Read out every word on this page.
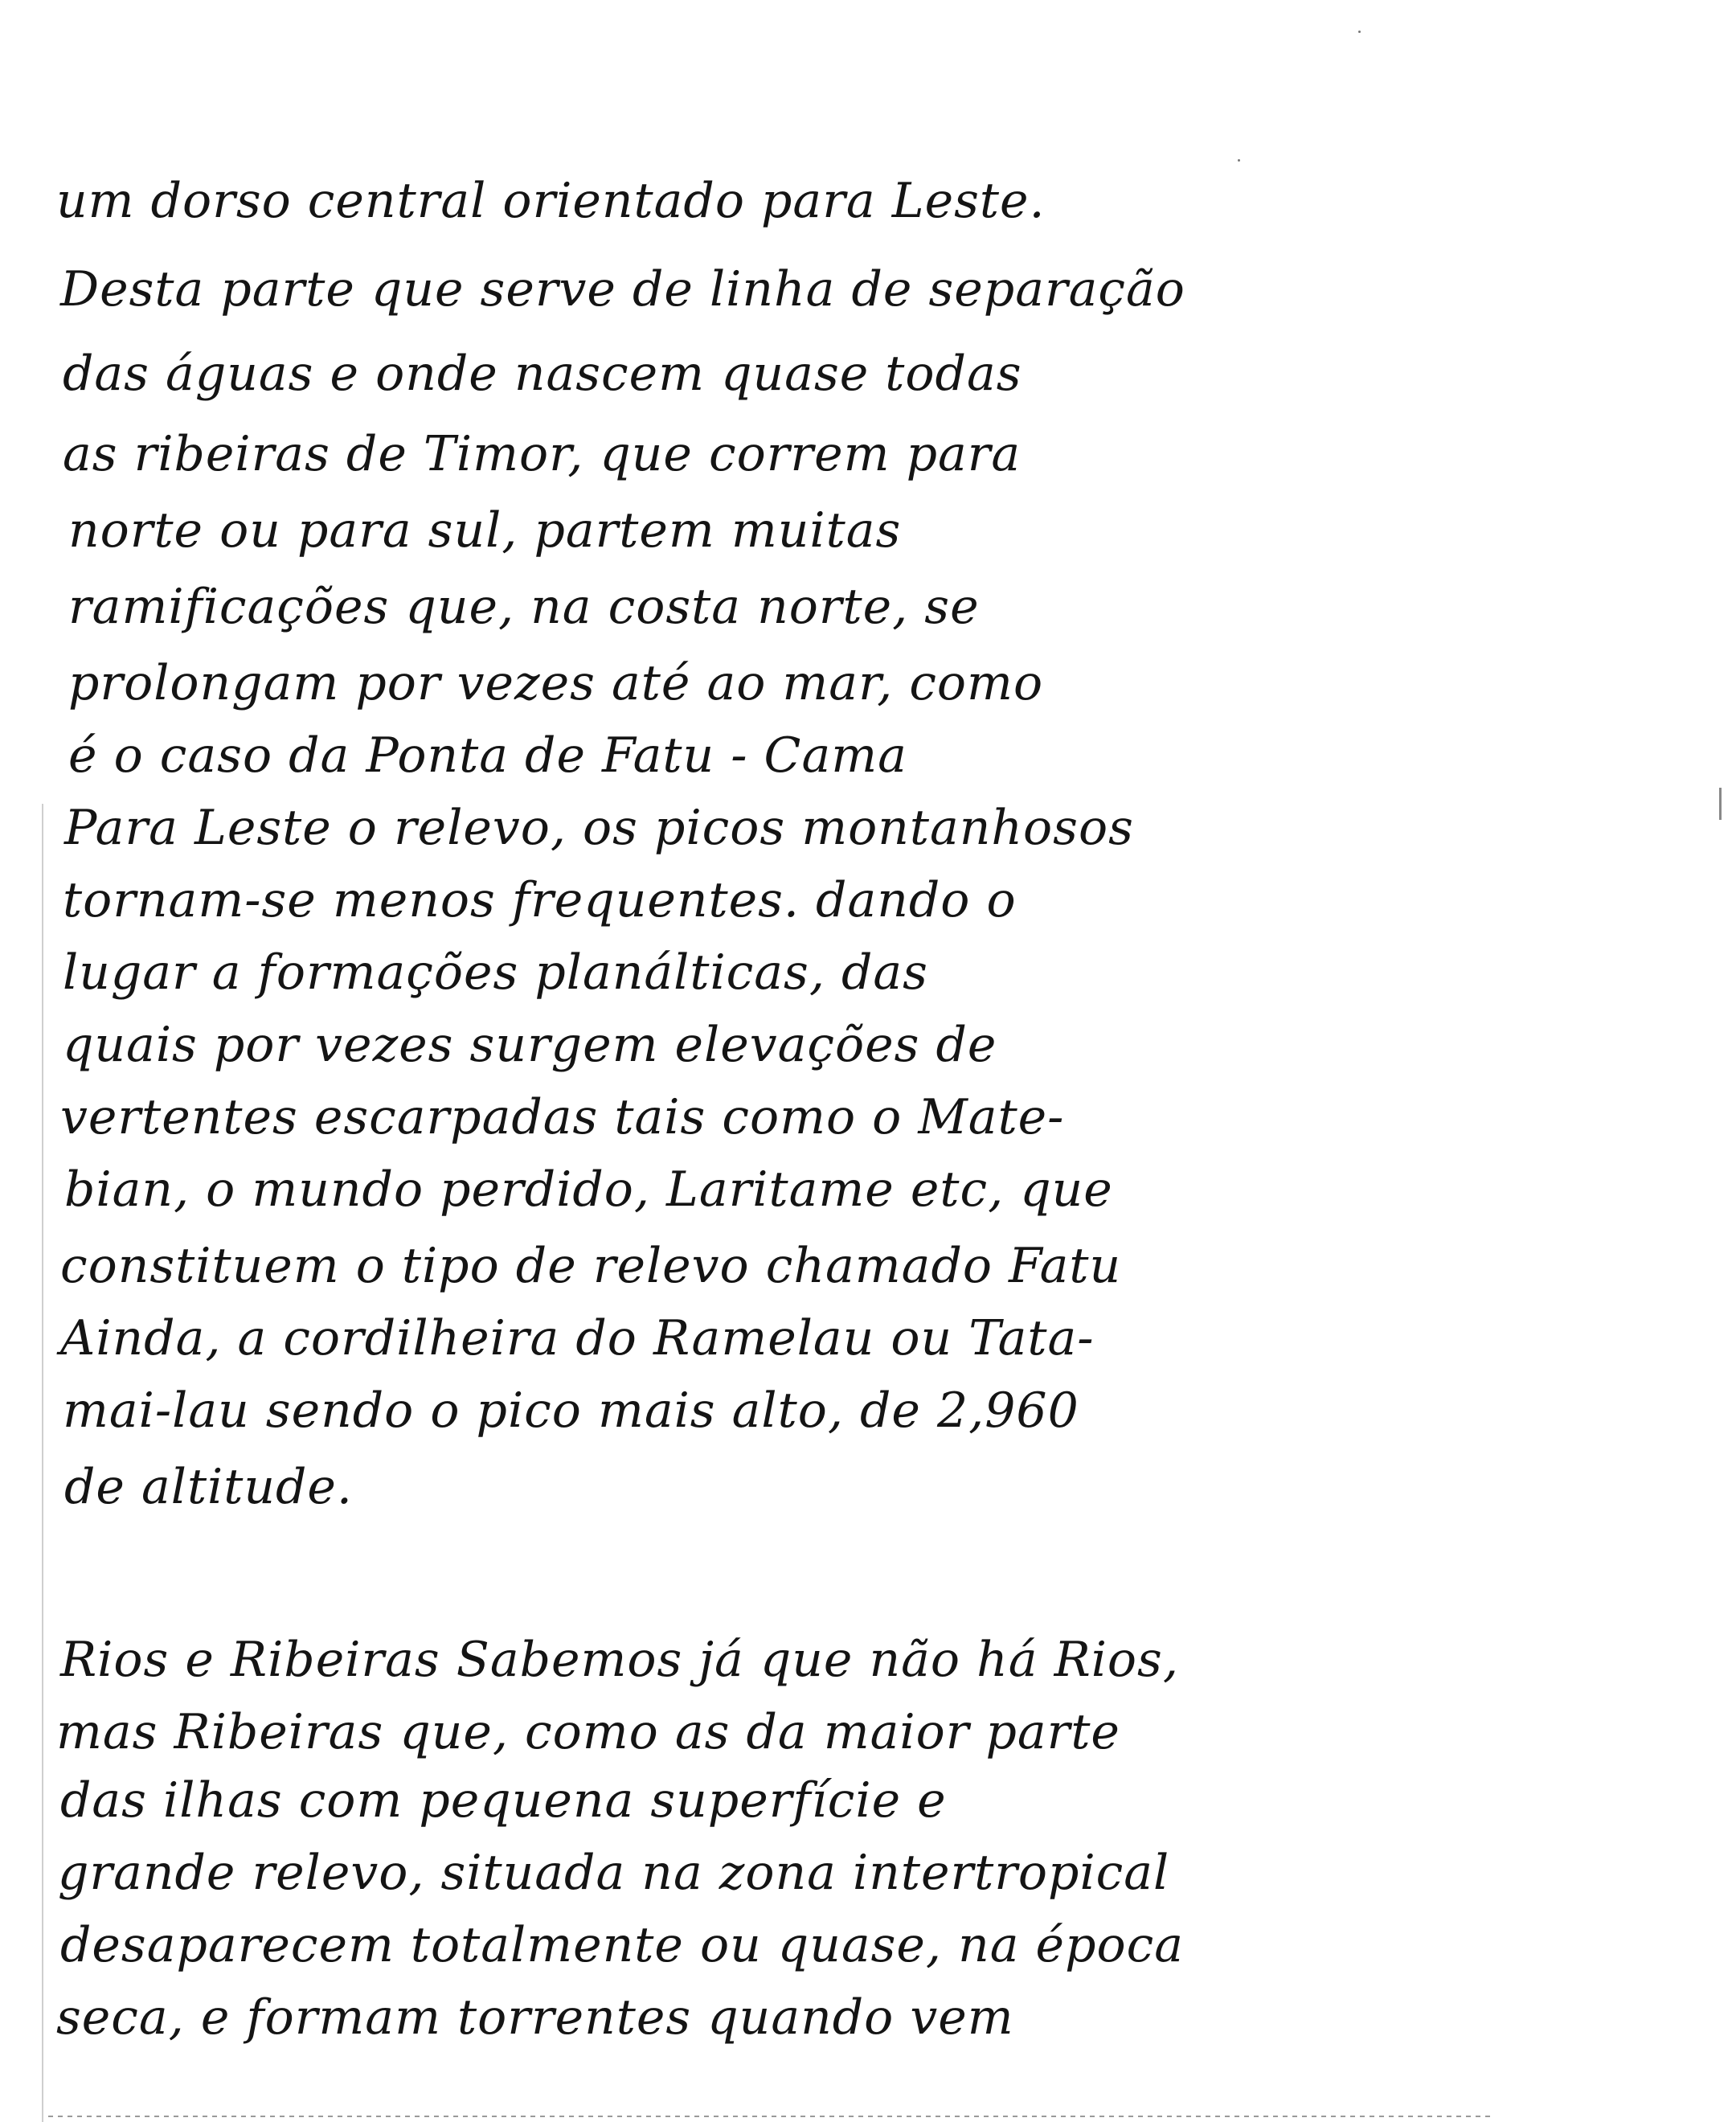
um dorso central orientado para Leste.
Desta parte que serve de linha de separação
das águas e onde nascem quase todas
as ribeiras de Timor, que correm para
norte ou para sul, partem muitas
ramificações que, na costa norte, se
prolongam por vezes até ao mar, como
é o caso da Ponta de Fatu - Cama
Para Leste o relevo, os picos montanhosos
tornam-se menos frequentes. dando o
lugar a formações planálticas, das
quais por vezes surgem elevações de
vertentes escarpadas tais como o Mate-
bian, o mundo perdido, Laritame etc, que
constituem o tipo de relevo chamado Fatu
Ainda, a cordilheira do Ramelau ou Tata-
mai-lau sendo o pico mais alto, de 2,960
de altitude.
Rios e Ribeiras Sabemos já que não há Rios,
mas Ribeiras que, como as da maior parte
das ilhas com pequena superfície e
grande relevo, situada na zona intertropical
desaparecem totalmente ou quase, na época
seca, e formam torrentes quando vem
